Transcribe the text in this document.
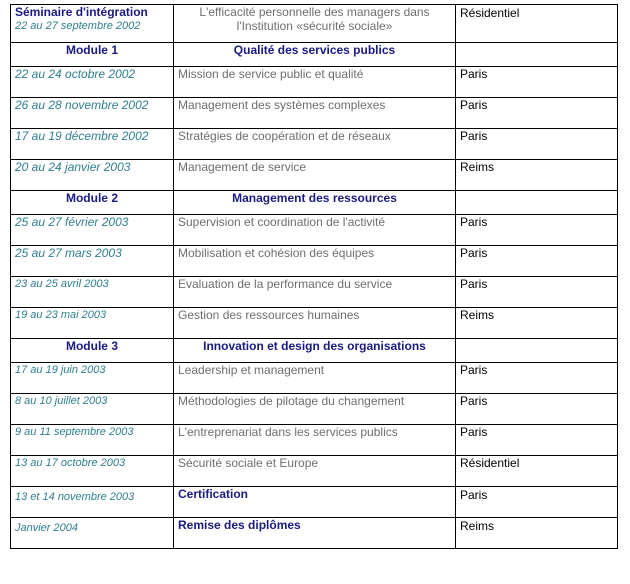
Séminaire d'intégration
22 au 27 septembre 2002	L'efficacité personnelle des managers dans l'Institution «sécurité sociale»	Résidentiel
Module 1	Qualité des services publics	
22 au 24 octobre 2002	Mission de service public et qualité	Paris
26 au 28 novembre 2002	Management des systèmes complexes	Paris
17 au 19 décembre 2002	Stratégies de coopération et de réseaux	Paris
20 au 24 janvier 2003	Management de service	Reims
Module 2	Management des ressources	
25 au 27 février 2003	Supervision et coordination de l'activité	Paris
25 au 27 mars 2003	Mobilisation et cohésion des équipes	Paris
23 au 25 avril 2003	Evaluation de la performance du service	Paris
19 au 23 mai 2003	Gestion des ressources humaines	Reims
Module 3	Innovation et design des organisations	
17 au 19 juin 2003	Leadership et management	Paris
8 au 10 juillet 2003	Méthodologies de pilotage du changement	Paris
9 au 11 septembre 2003	L'entreprenariat dans les services publics	Paris
13 au 17 octobre 2003	Sécurité sociale et Europe	Résidentiel
13 et 14 novembre 2003	Certification	Paris
Janvier 2004	Remise des diplômes	Reims
